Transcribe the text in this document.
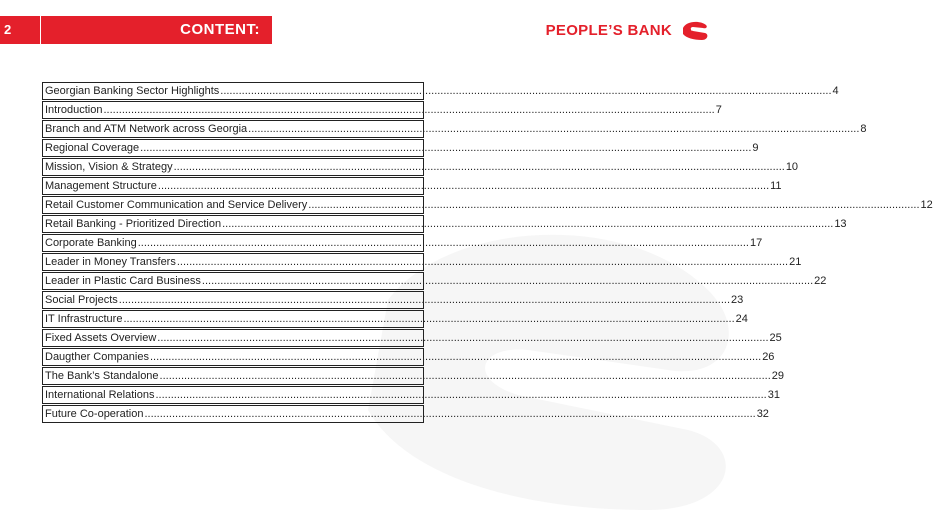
2	CONTENT:	PEOPLE’S BANK
Georgian Banking Sector Highlights ........................................................................................................................................................................................................ 4
Introduction ........................................................................................................................................................................................................ 7
Branch and ATM Network across Georgia ........................................................................................................................................................................................................ 8
Regional Coverage ........................................................................................................................................................................................................ 9
Mission, Vision & Strategy ........................................................................................................................................................................................................ 10
Management Structure ........................................................................................................................................................................................................ 11
Retail Customer Communication and Service Delivery ........................................................................................................................................................................................................ 12
Retail Banking - Prioritized Direction ........................................................................................................................................................................................................ 13
Corporate Banking ........................................................................................................................................................................................................ 17
Leader in Money Transfers ........................................................................................................................................................................................................ 21
Leader in Plastic Card Business ........................................................................................................................................................................................................ 22
Social Projects ........................................................................................................................................................................................................ 23
IT Infrastructure ........................................................................................................................................................................................................ 24
Fixed Assets Overview ........................................................................................................................................................................................................ 25
Daugther Companies ........................................................................................................................................................................................................ 26
The Bank’s Standalone ........................................................................................................................................................................................................ 29
International Relations ........................................................................................................................................................................................................ 31
Future Co-operation ........................................................................................................................................................................................................ 32
